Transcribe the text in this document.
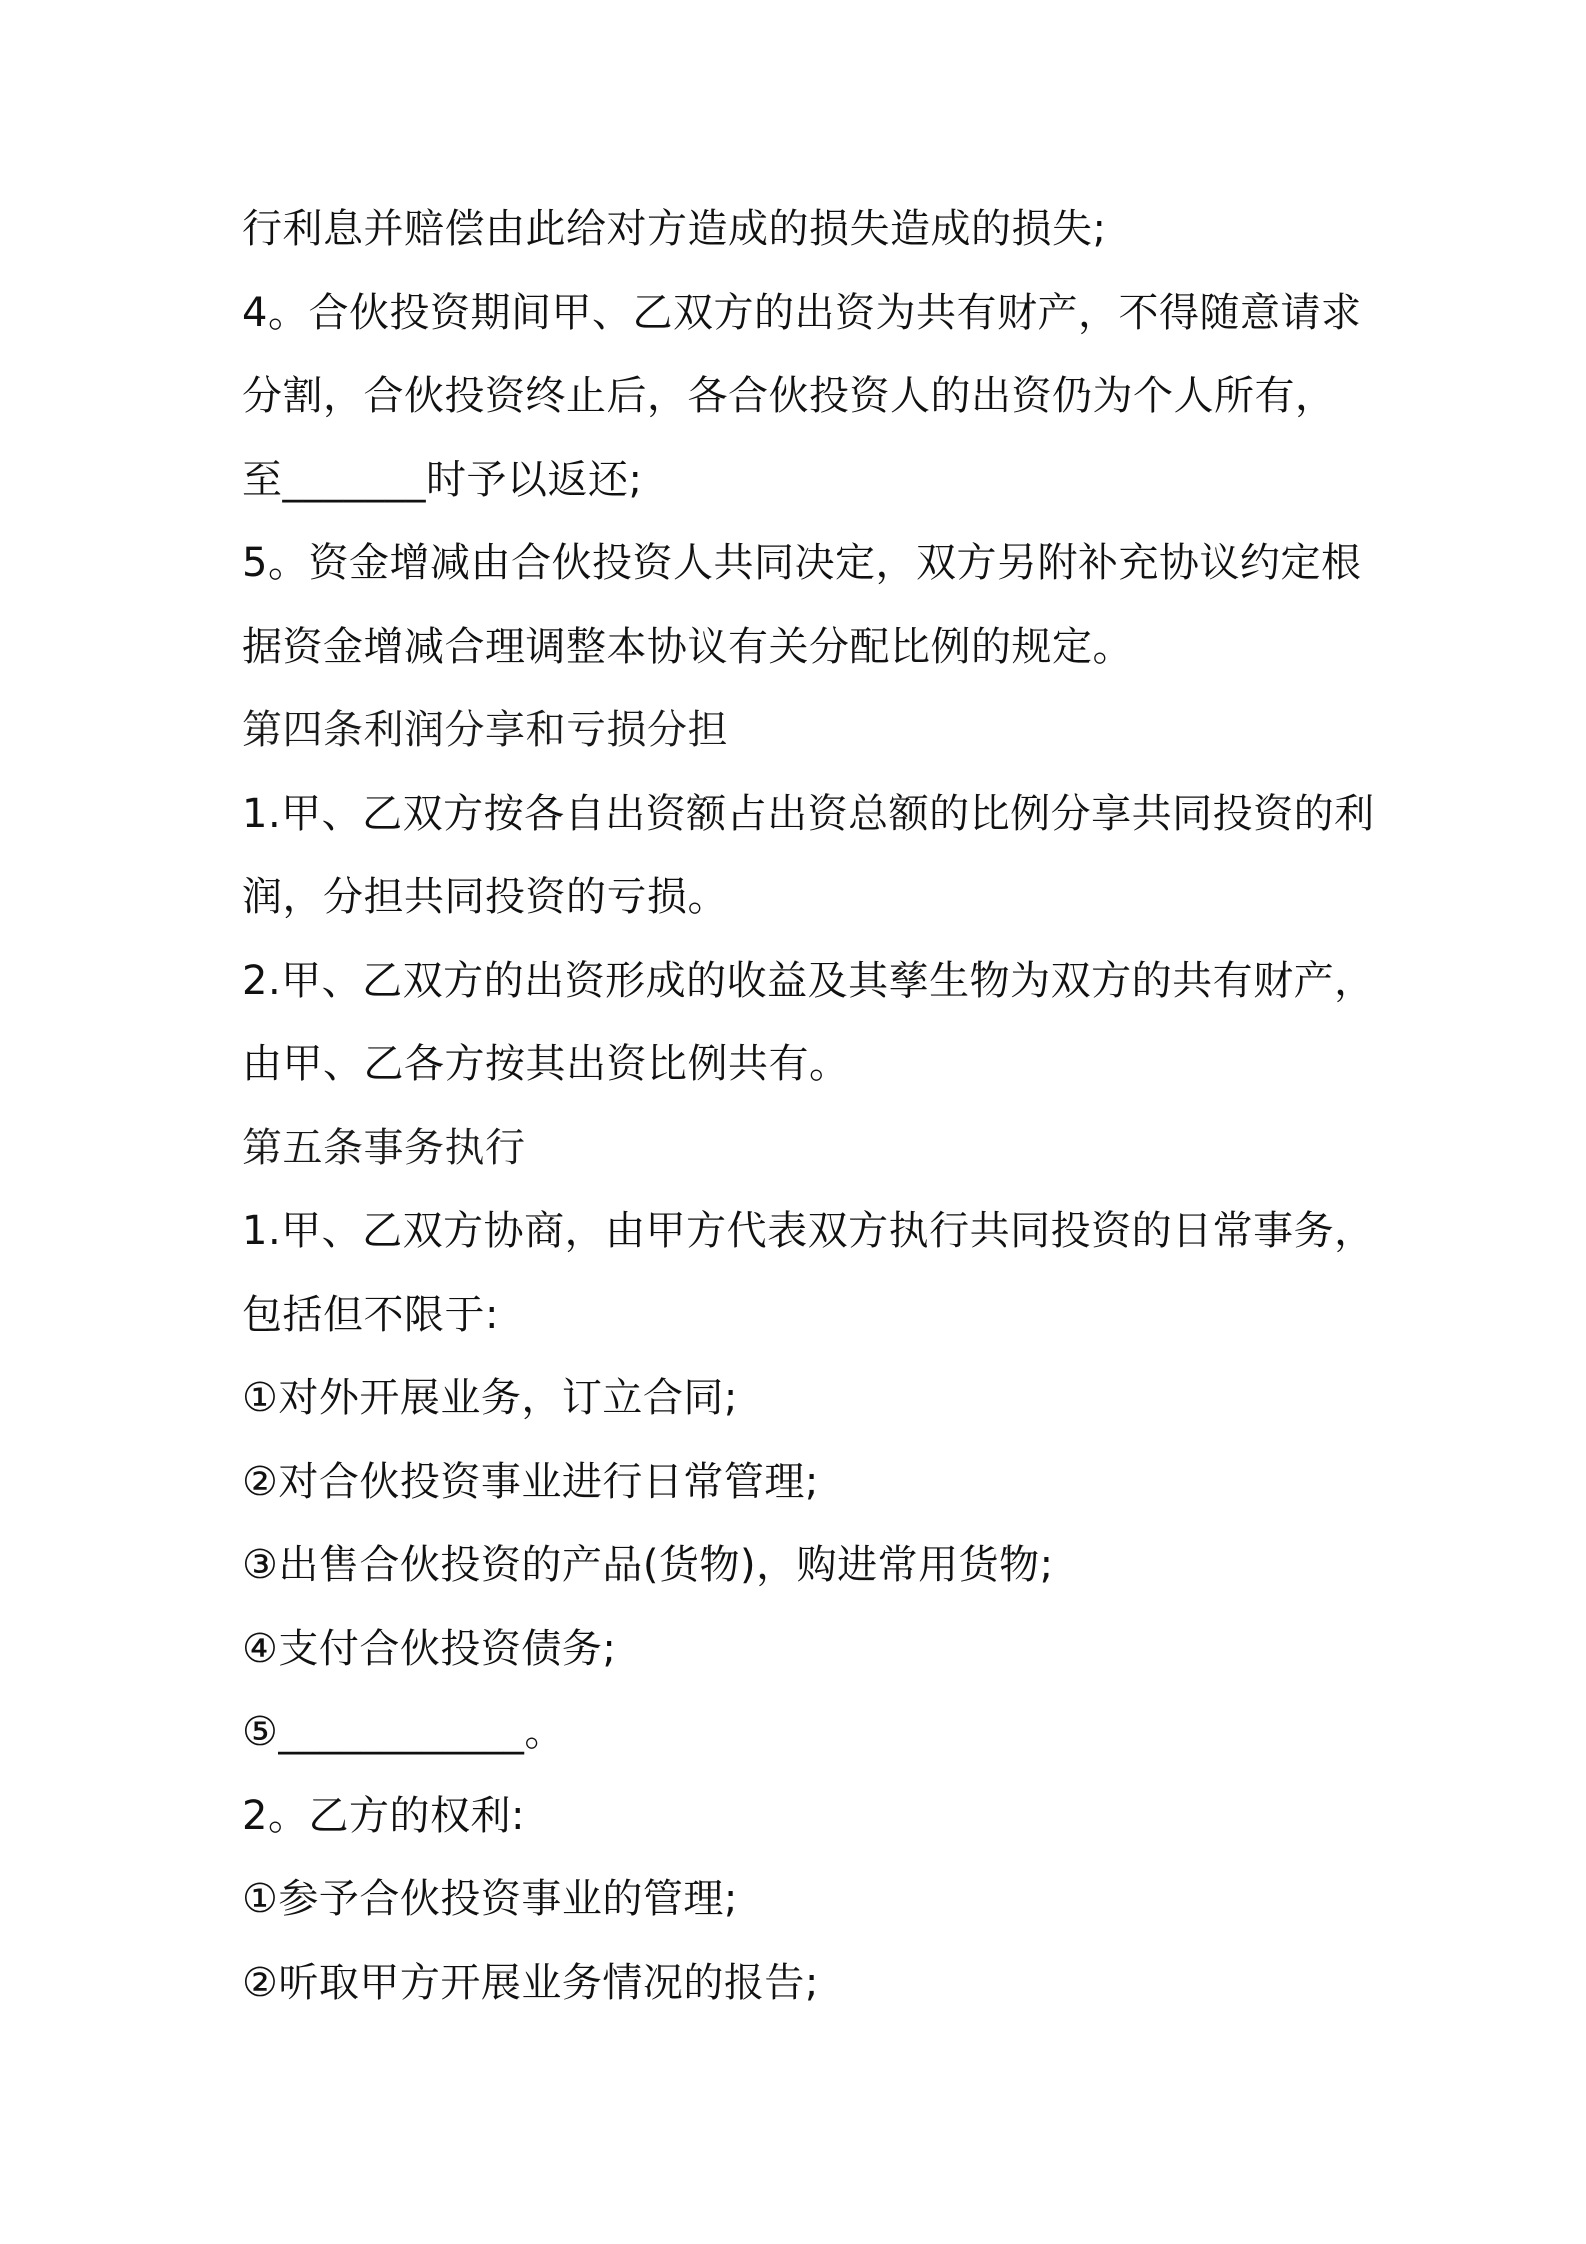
行利息并赔偿由此给对方造成的损失造成的损失;
4。合伙投资期间甲、乙双方的出资为共有财产，不得随意请求
分割，合伙投资终止后，各合伙投资人的出资仍为个人所有，
至_______时予以返还;
5。资金增减由合伙投资人共同决定，双方另附补充协议约定根
据资金增减合理调整本协议有关分配比例的规定。
第四条利润分享和亏损分担
1.甲、乙双方按各自出资额占出资总额的比例分享共同投资的利
润，分担共同投资的亏损。
2.甲、乙双方的出资形成的收益及其孳生物为双方的共有财产，
由甲、乙各方按其出资比例共有。
第五条事务执行
1.甲、乙双方协商，由甲方代表双方执行共同投资的日常事务，
包括但不限于:
①对外开展业务，订立合同;
②对合伙投资事业进行日常管理;
③出售合伙投资的产品(货物)，购进常用货物;
④支付合伙投资债务;
⑤____________。
2。乙方的权利:
①参予合伙投资事业的管理;
②听取甲方开展业务情况的报告;
